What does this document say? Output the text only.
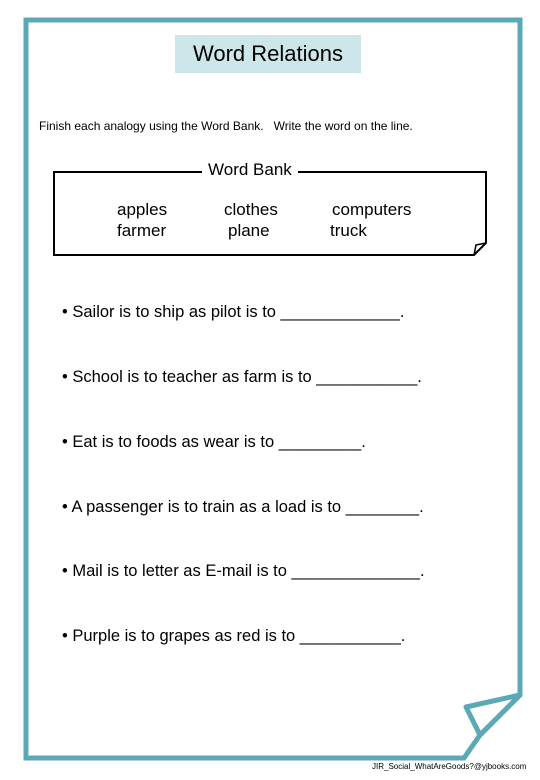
Word Relations
Finish each analogy using the Word Bank.   Write the word on the line.
Word Bank
apples	clothes	computers
farmer	plane	truck
• Sailor is to ship as pilot is to _____________.
• School is to teacher as farm is to ___________.
• Eat is to foods as wear is to _________.
• A passenger is to train as a load is to ________.
• Mail is to letter as E-mail is to ______________.
• Purple is to grapes as red is to ___________.
JIR_Social_WhatAreGoods?@yjbooks.com
